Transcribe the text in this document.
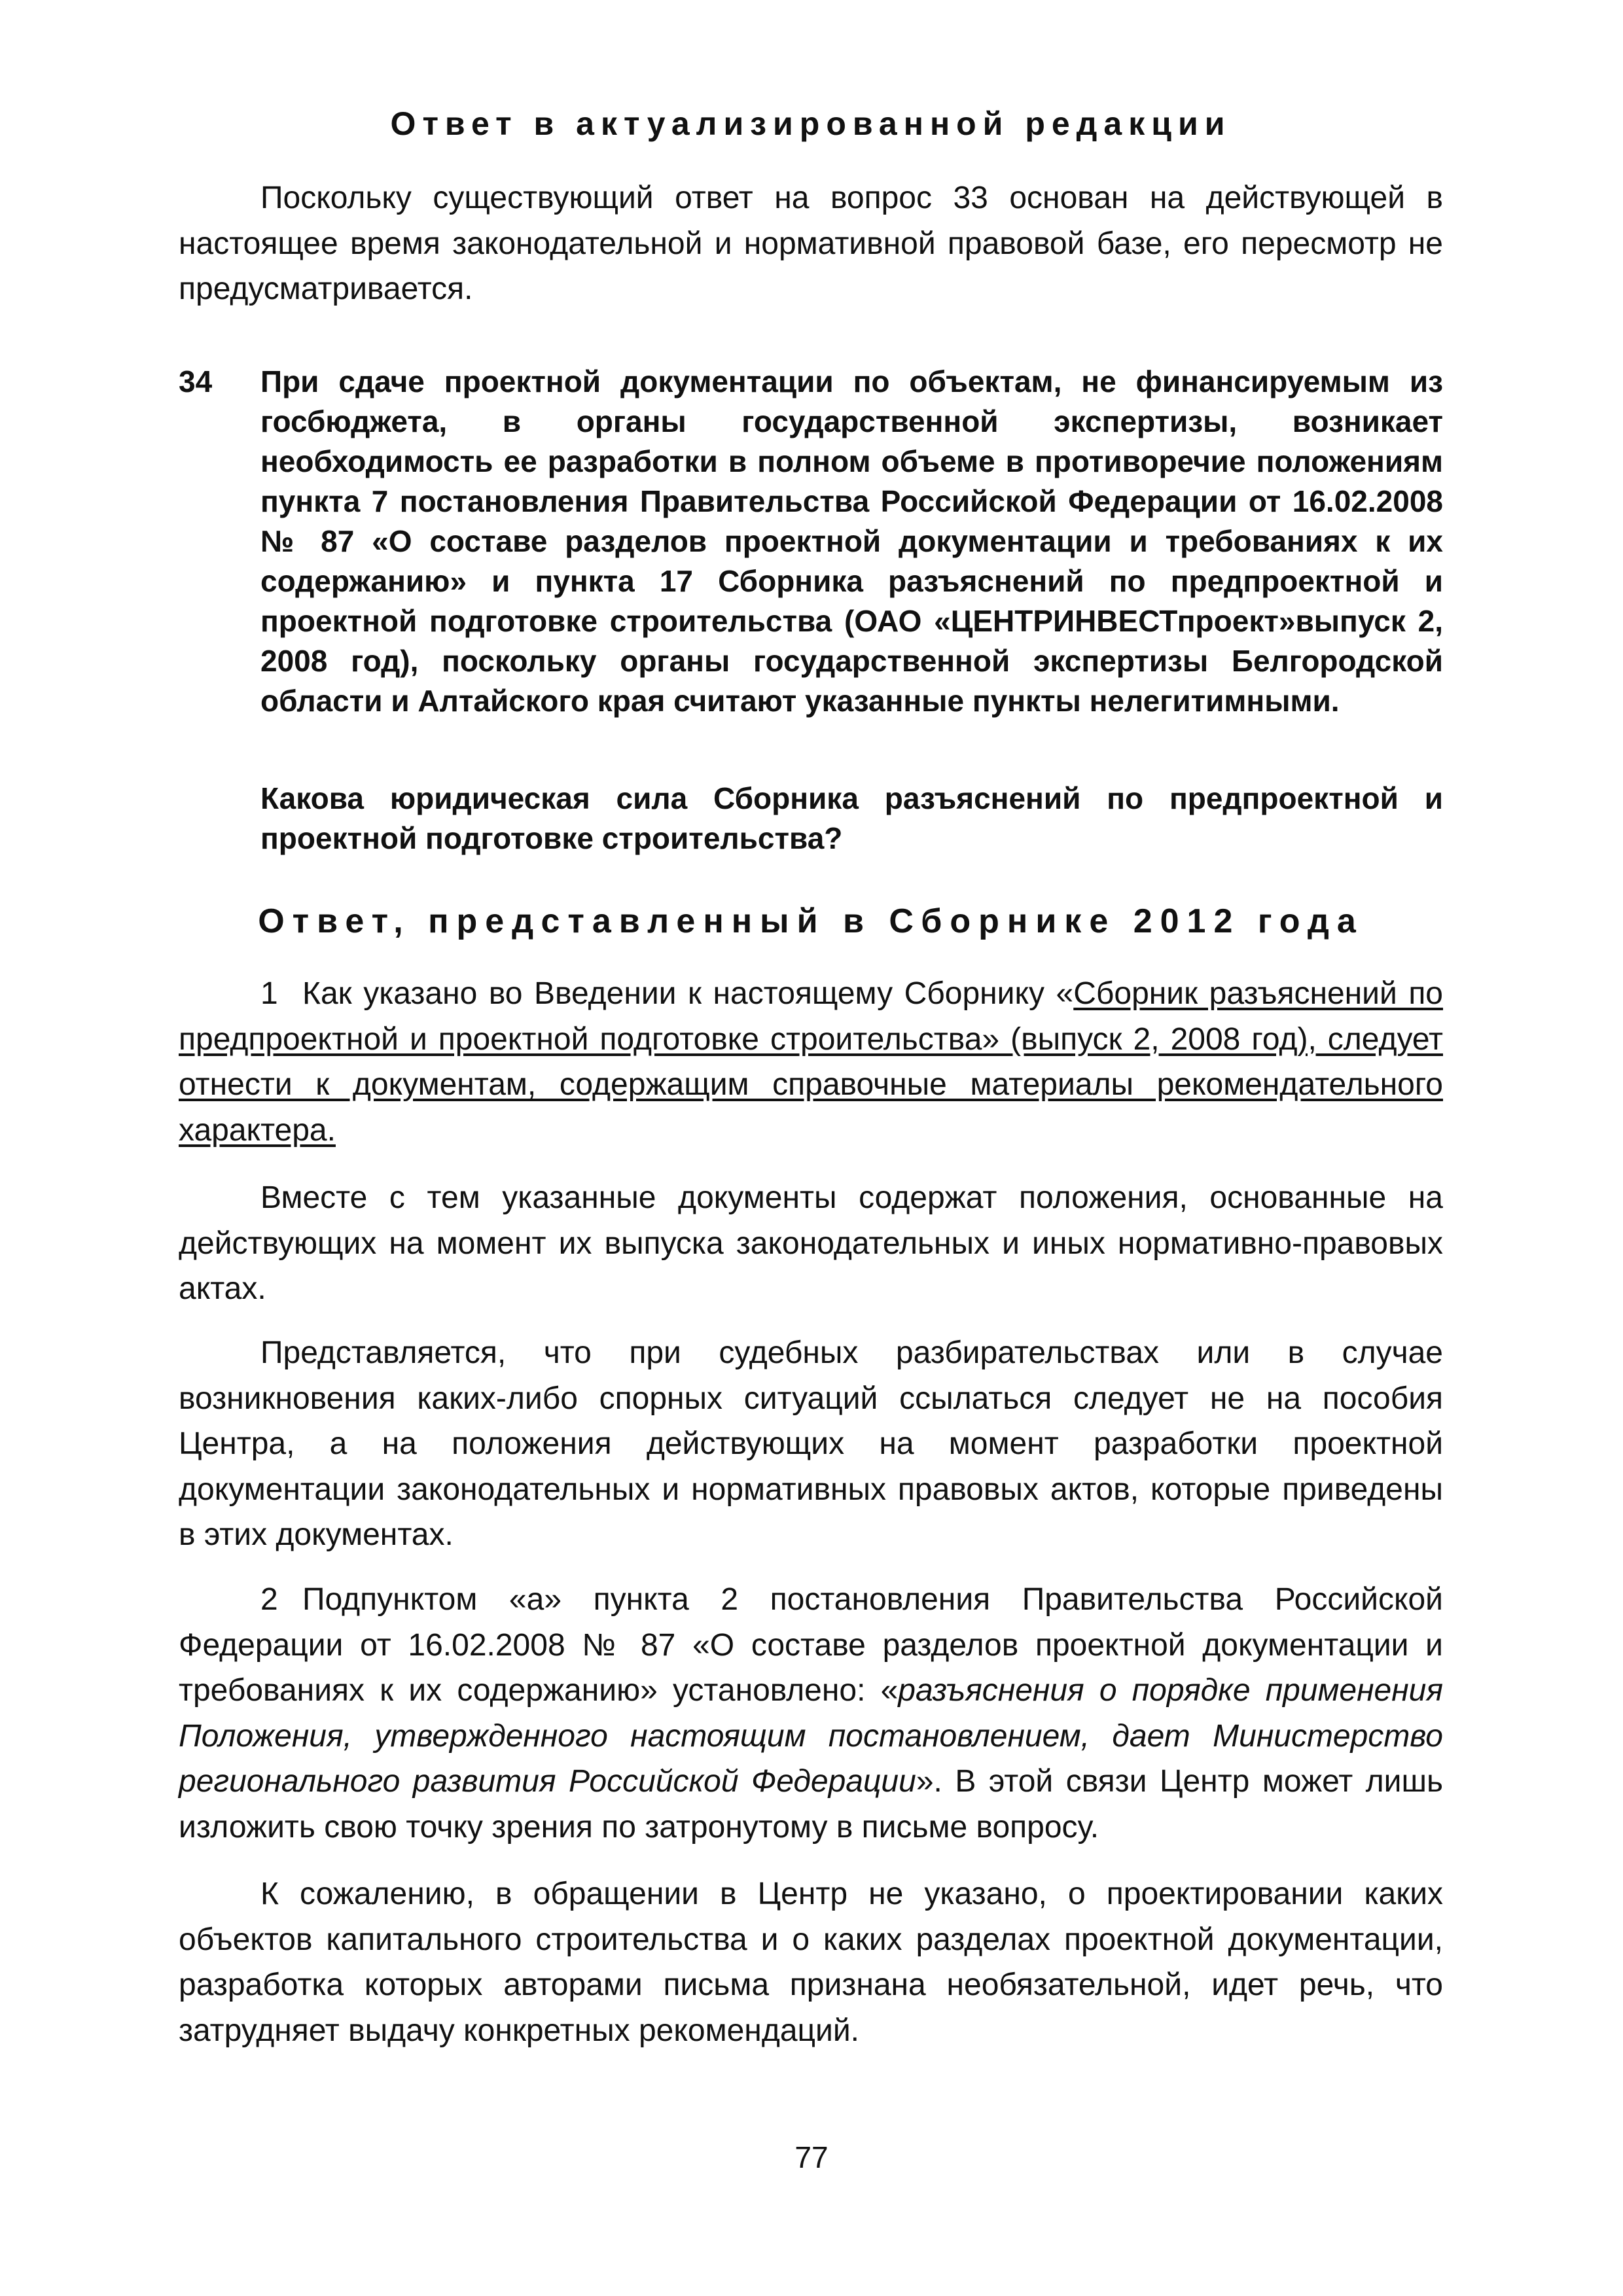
Ответ в актуализированной редакции

Поскольку существующий ответ на вопрос 33 основан на действующей в настоящее время законодательной и нормативной правовой базе, его пересмотр не предусматривается.

34 При сдаче проектной документации по объектам, не финансируемым из госбюджета, в органы государственной экспертизы, возникает необходимость ее разработки в полном объеме в противоречие положениям пункта 7 постановления Правительства Российской Федерации от 16.02.2008 № 87 «О составе разделов проектной документации и требованиях к их содержанию» и пункта 17 Сборника разъяснений по предпроектной и проектной подготовке строительства (ОАО «ЦЕНТРИНВЕСТпроект»выпуск 2, 2008 год), поскольку органы государственной экспертизы Белгородской области и Алтайского края считают указанные пункты нелегитимными.

Какова юридическая сила Сборника разъяснений по предпроектной и проектной подготовке строительства?

Ответ, представленный в Сборнике 2012 года

1 Как указано во Введении к настоящему Сборнику «Сборник разъяснений по предпроектной и проектной подготовке строительства» (выпуск 2, 2008 год), следует отнести к документам, содержащим справочные материалы рекомендательного характера.

Вместе с тем указанные документы содержат положения, основанные на действующих на момент их выпуска законодательных и иных нормативно-правовых актах.

Представляется, что при судебных разбирательствах или в случае возникновения каких-либо спорных ситуаций ссылаться следует не на пособия Центра, а на положения действующих на момент разработки проектной документации законодательных и нормативных правовых актов, которые приведены в этих документах.

2 Подпунктом «а» пункта 2 постановления Правительства Российской Федерации от 16.02.2008 № 87 «О составе разделов проектной документации и требованиях к их содержанию» установлено: «разъяснения о порядке применения Положения, утвержденного настоящим постановлением, дает Министерство регионального развития Российской Федерации». В этой связи Центр может лишь изложить свою точку зрения по затронутому в письме вопросу.

К сожалению, в обращении в Центр не указано, о проектировании каких объектов капитального строительства и о каких разделах проектной документации, разработка которых авторами письма признана необязательной, идет речь, что затрудняет выдачу конкретных рекомендаций.

77
